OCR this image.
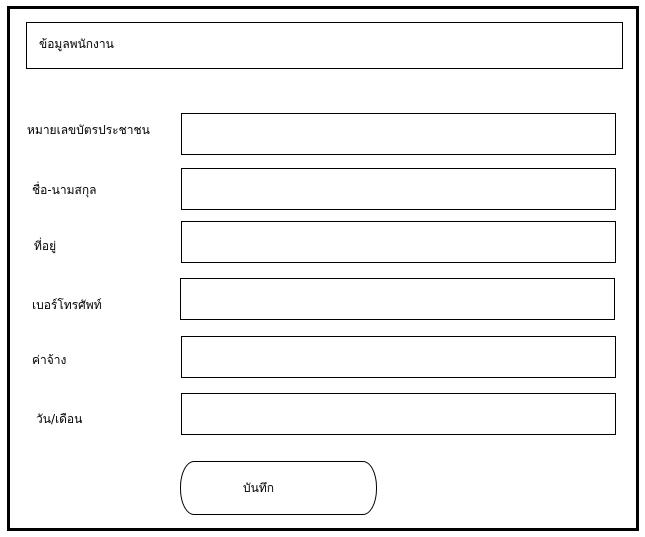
ข้อมูลพนักงาน
หมายเลขบัตรประชาชน
ชื่อ-นามสกุล
ที่อยู่
เบอร์โทรศัพท์
ค่าจ้าง
วัน/เดือน
บันทึก
